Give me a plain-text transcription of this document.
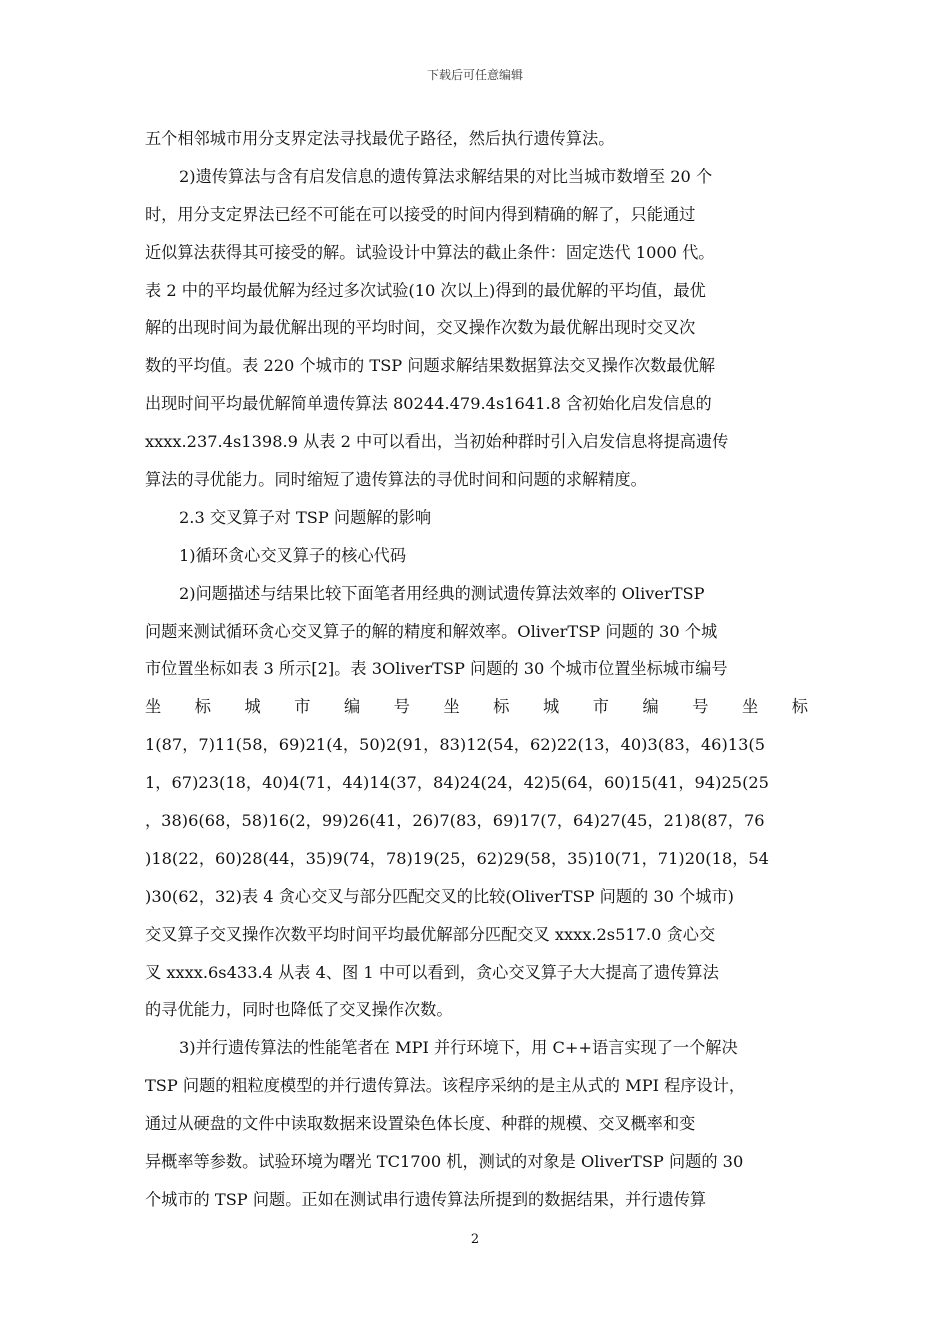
下载后可任意编辑
五个相邻城市用分支界定法寻找最优子路径，然后执行遗传算法。
2)遗传算法与含有启发信息的遗传算法求解结果的对比当城市数增至 20 个
时，用分支定界法已经不可能在可以接受的时间内得到精确的解了，只能通过
近似算法获得其可接受的解。试验设计中算法的截止条件：固定迭代 1000 代。
表 2 中的平均最优解为经过多次试验(10 次以上)得到的最优解的平均值，最优
解的出现时间为最优解出现的平均时间，交叉操作次数为最优解出现时交叉次
数的平均值。表 220 个城市的 TSP 问题求解结果数据算法交叉操作次数最优解
出现时间平均最优解简单遗传算法 80244.479.4s1641.8 含初始化启发信息的
xxxx.237.4s1398.9 从表 2 中可以看出，当初始种群时引入启发信息将提高遗传
算法的寻优能力。同时缩短了遗传算法的寻优时间和问题的求解精度。
2.3 交叉算子对 TSP 问题解的影响
1)循环贪心交叉算子的核心代码
2)问题描述与结果比较下面笔者用经典的测试遗传算法效率的 OliverTSP
问题来测试循环贪心交叉算子的解的精度和解效率。OliverTSP 问题的 30 个城
市位置坐标如表 3 所示[2]。表 3OliverTSP 问题的 30 个城市位置坐标城市编号
坐 标 城 市 编 号 坐 标 城 市 编 号 坐 标
1(87，7)11(58，69)21(4，50)2(91，83)12(54，62)22(13，40)3(83，46)13(5
1，67)23(18，40)4(71，44)14(37，84)24(24，42)5(64，60)15(41，94)25(25
，38)6(68，58)16(2，99)26(41，26)7(83，69)17(7，64)27(45，21)8(87，76
)18(22，60)28(44，35)9(74，78)19(25，62)29(58，35)10(71，71)20(18，54
)30(62，32)表 4 贪心交叉与部分匹配交叉的比较(OliverTSP 问题的 30 个城市)
交叉算子交叉操作次数平均时间平均最优解部分匹配交叉 xxxx.2s517.0 贪心交
叉 xxxx.6s433.4 从表 4、图 1 中可以看到，贪心交叉算子大大提高了遗传算法
的寻优能力，同时也降低了交叉操作次数。
3)并行遗传算法的性能笔者在 MPI 并行环境下，用 C++语言实现了一个解决
TSP 问题的粗粒度模型的并行遗传算法。该程序采纳的是主从式的 MPI 程序设计，
通过从硬盘的文件中读取数据来设置染色体长度、种群的规模、交叉概率和变
异概率等参数。试验环境为曙光 TC1700 机，测试的对象是 OliverTSP 问题的 30
个城市的 TSP 问题。正如在测试串行遗传算法所提到的数据结果，并行遗传算
2
